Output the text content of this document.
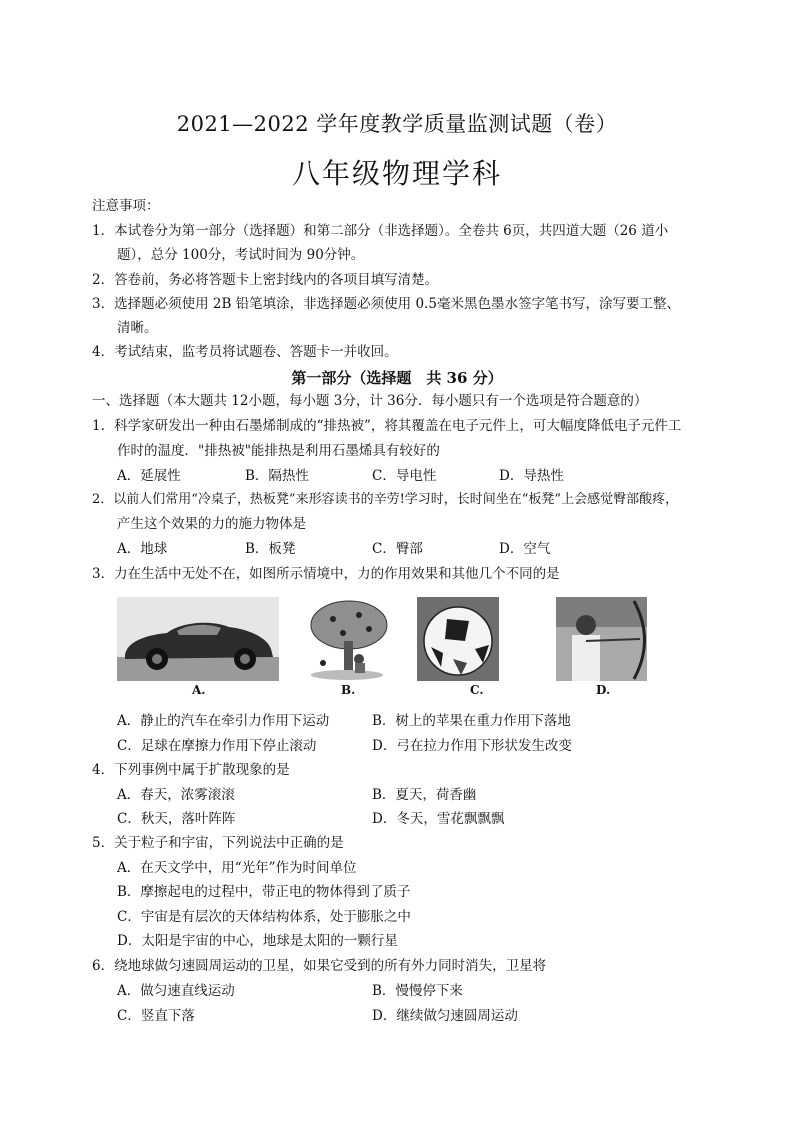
2021—2022 学年度教学质量监测试题（卷）
八年级物理学科
注意事项：
1．本试卷分为第一部分（选择题）和第二部分（非选择题）。全卷共 6页，共四道大题（26 道小
题），总分 100分，考试时间为 90分钟。
2．答卷前，务必将答题卡上密封线内的各项目填写清楚。
3．选择题必须使用 2B 铅笔填涂，非选择题必须使用 0.5毫米黑色墨水签字笔书写，涂写要工整、
清晰。
4．考试结束，监考员将试题卷、答题卡一并收回。
第一部分（选择题　共 36 分）
一、选择题（本大题共 12小题，每小题 3分，计 36分．每小题只有一个选项是符合题意的）
1．科学家研发出一种由石墨烯制成的“排热被”，将其覆盖在电子元件上，可大幅度降低电子元件工
作时的温度．"排热被"能排热是利用石墨烯具有较好的
A．延展性	B．隔热性	C．导电性	D．导热性
2．以前人们常用“冷桌子，热板凳”来形容读书的辛劳!学习时，长时间坐在“板凳”上会感觉臀部酸疼，
产生这个效果的力的施力物体是
A．地球	B．板凳	C．臀部	D．空气
3．力在生活中无处不在，如图所示情境中，力的作用效果和其他几个不同的是
A.	B.	C.	D.
A．静止的汽车在牵引力作用下运动	B．树上的苹果在重力作用下落地
C．足球在摩擦力作用下停止滚动	D．弓在拉力作用下形状发生改变
4．下列事例中属于扩散现象的是
A．春天，浓雾滚滚	B．夏天，荷香幽
C．秋天，落叶阵阵	D．冬天，雪花飘飘飘
5．关于粒子和宇宙，下列说法中正确的是
A．在天文学中，用“光年”作为时间单位
B．摩擦起电的过程中，带正电的物体得到了质子
C．宇宙是有层次的天体结构体系，处于膨胀之中
D．太阳是宇宙的中心，地球是太阳的一颗行星
6．绕地球做匀速圆周运动的卫星，如果它受到的所有外力同时消失，卫星将
A．做匀速直线运动	B．慢慢停下来
C．竖直下落	D．继续做匀速圆周运动
